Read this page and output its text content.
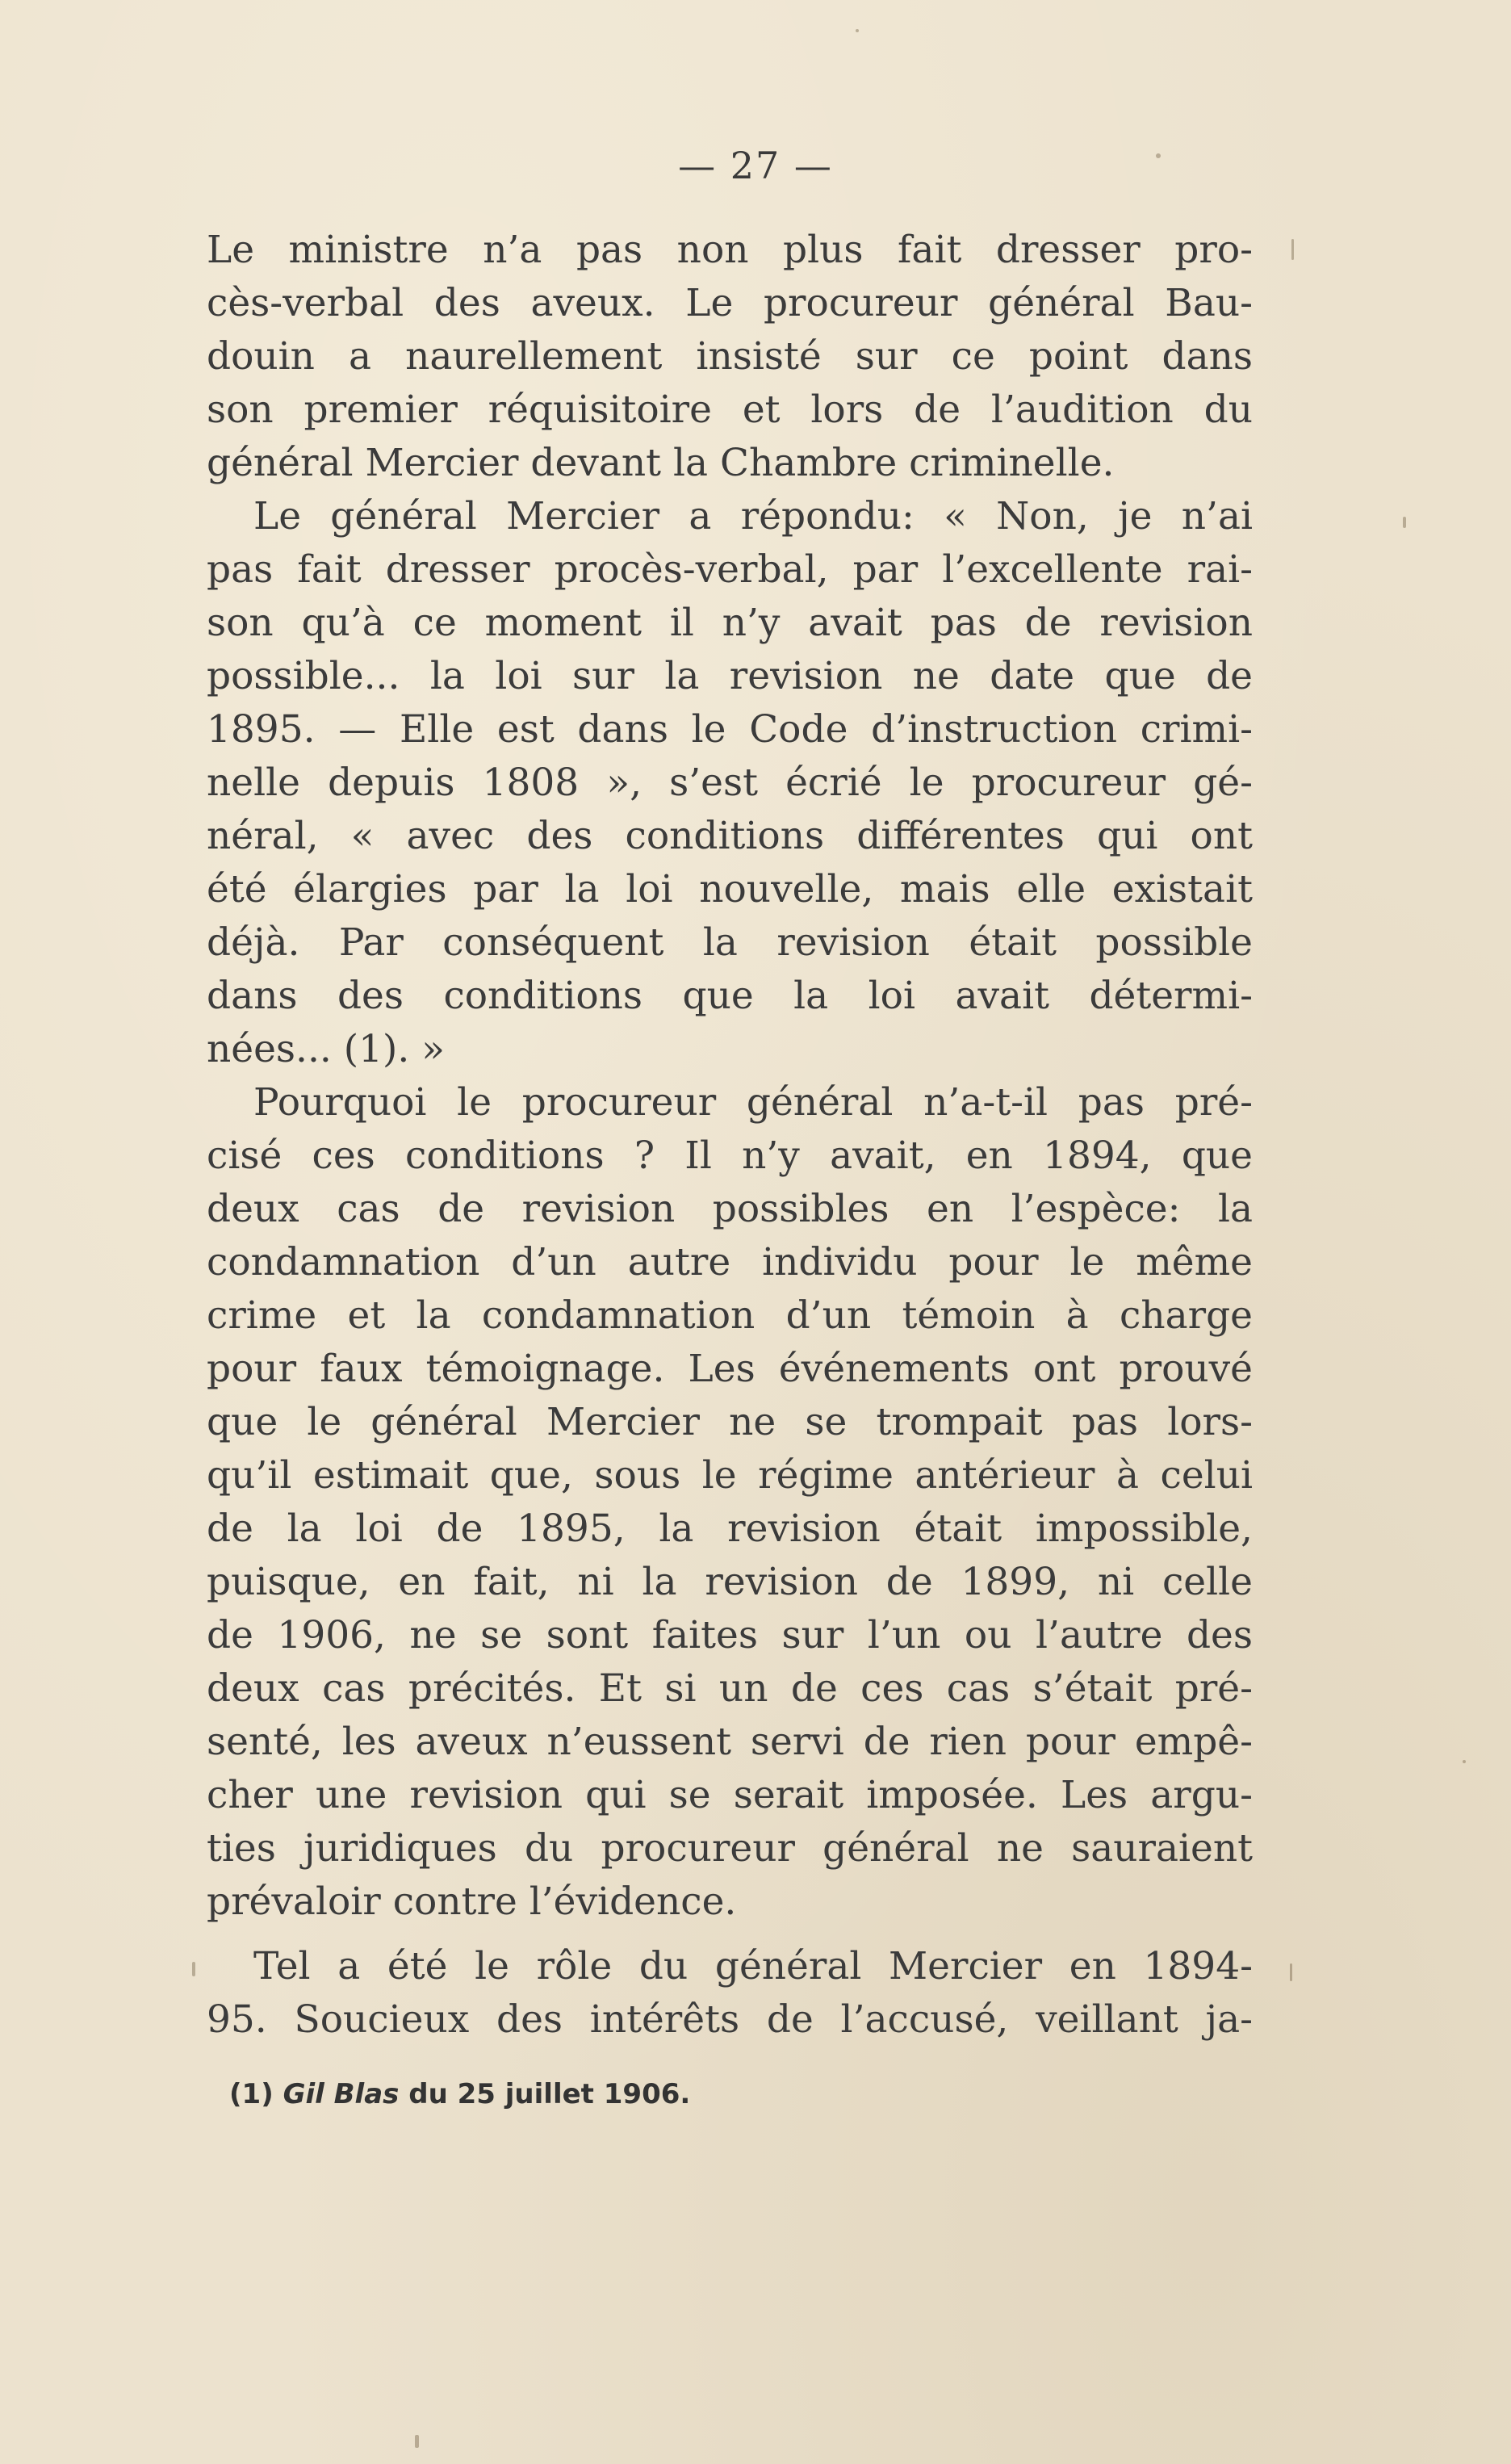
— 27 —
Le ministre n’a pas non plus fait dresser pro-
cès-verbal des aveux. Le procureur général Bau-
douin a naurellement insisté sur ce point dans
son premier réquisitoire et lors de l’audition du
général Mercier devant la Chambre criminelle.
Le général Mercier a répondu: « Non, je n’ai
pas fait dresser procès-verbal, par l’excellente rai-
son qu’à ce moment il n’y avait pas de revision
possible... la loi sur la revision ne date que de
1895. — Elle est dans le Code d’instruction crimi-
nelle depuis 1808 », s’est écrié le procureur gé-
néral, « avec des conditions différentes qui ont
été élargies par la loi nouvelle, mais elle existait
déjà. Par conséquent la revision était possible
dans des conditions que la loi avait détermi-
nées... (1). »
Pourquoi le procureur général n’a-t-il pas pré-
cisé ces conditions ? Il n’y avait, en 1894, que
deux cas de revision possibles en l’espèce: la
condamnation d’un autre individu pour le même
crime et la condamnation d’un témoin à charge
pour faux témoignage. Les événements ont prouvé
que le général Mercier ne se trompait pas lors-
qu’il estimait que, sous le régime antérieur à celui
de la loi de 1895, la revision était impossible,
puisque, en fait, ni la revision de 1899, ni celle
de 1906, ne se sont faites sur l’un ou l’autre des
deux cas précités. Et si un de ces cas s’était pré-
senté, les aveux n’eussent servi de rien pour empê-
cher une revision qui se serait imposée. Les argu-
ties juridiques du procureur général ne sauraient
prévaloir contre l’évidence.
Tel a été le rôle du général Mercier en 1894-
95. Soucieux des intérêts de l’accusé, veillant ja-
(1) Gil Blas du 25 juillet 1906.
